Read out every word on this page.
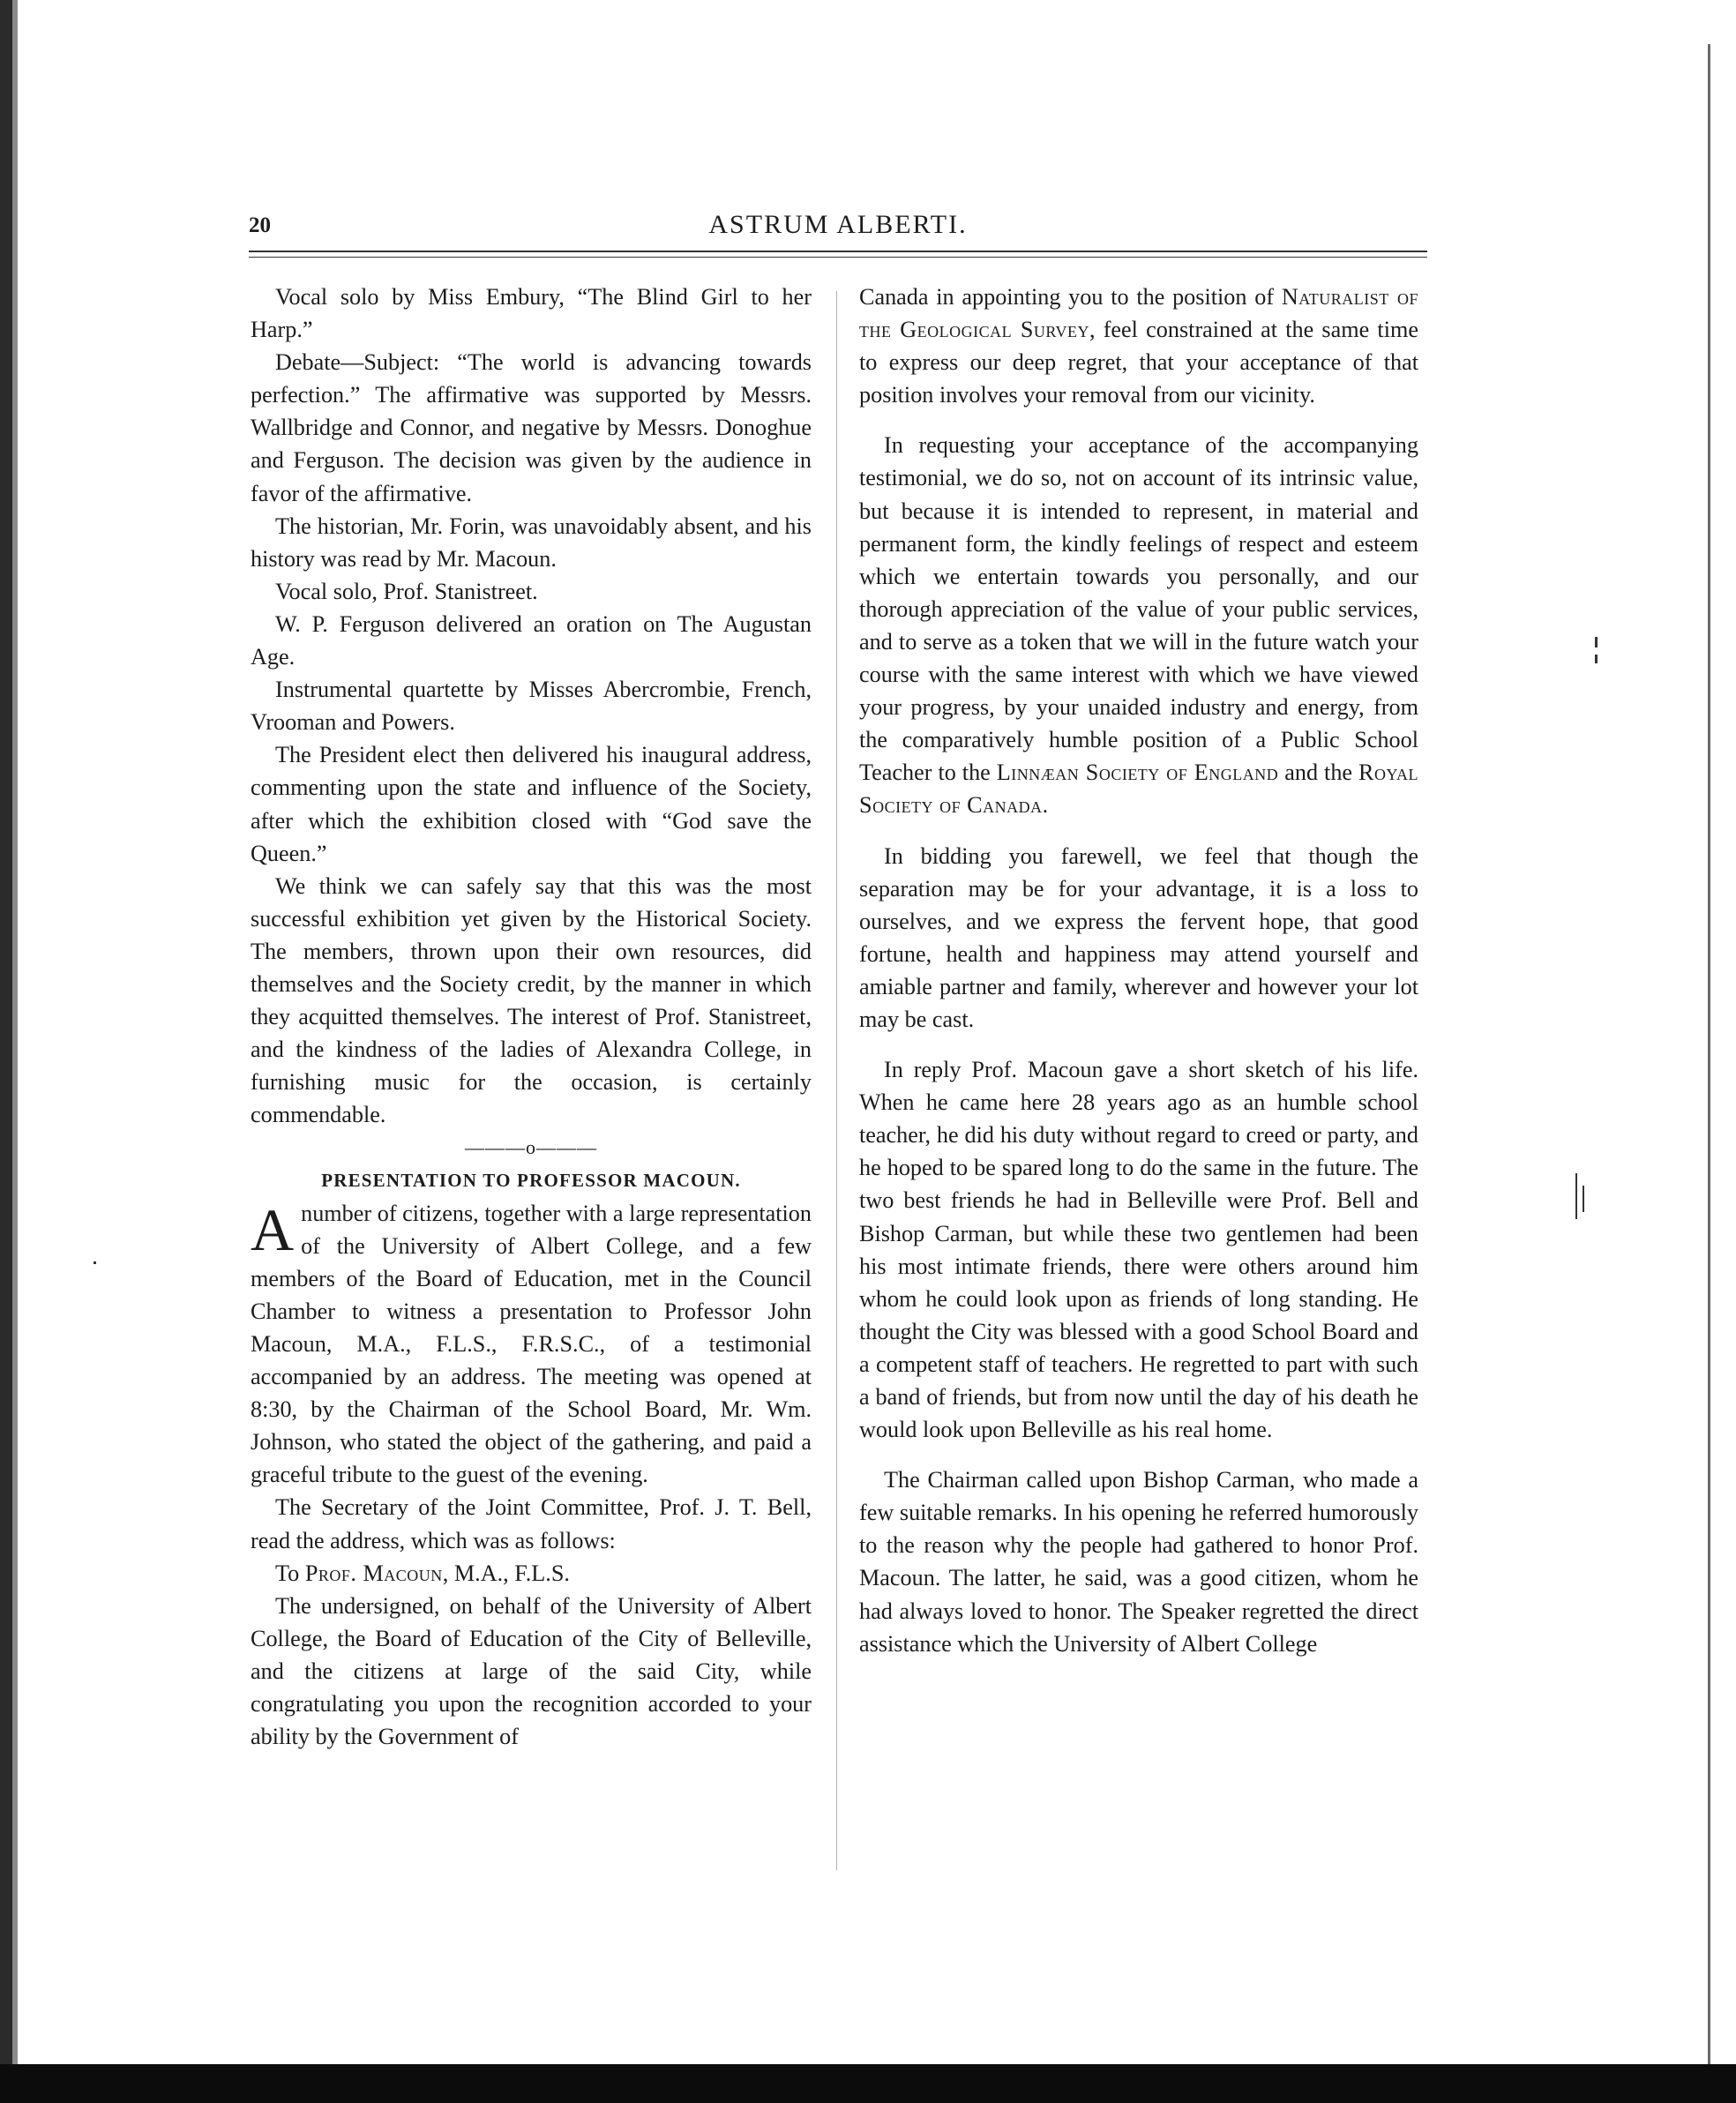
20	ASTRUM ALBERTI.

Vocal solo by Miss Embury, “The Blind Girl to her Harp.”

Debate—Subject: “The world is advancing towards perfection.” The affirmative was supported by Messrs. Wallbridge and Connor, and negative by Messrs. Donoghue and Ferguson. The decision was given by the audience in favor of the affirmative.

The historian, Mr. Forin, was unavoidably absent, and his history was read by Mr. Macoun.

Vocal solo, Prof. Stanistreet.

W. P. Ferguson delivered an oration on The Augustan Age.

Instrumental quartette by Misses Abercrombie, French, Vrooman and Powers.

The President elect then delivered his inaugural address, commenting upon the state and influence of the Society, after which the exhibition closed with “God save the Queen.”

We think we can safely say that this was the most successful exhibition yet given by the Historical Society. The members, thrown upon their own resources, did themselves and the Society credit, by the manner in which they acquitted themselves. The interest of Prof. Stanistreet, and the kindness of the ladies of Alexandra College, in furnishing music for the occasion, is certainly commendable.

———o———
PRESENTATION TO PROFESSOR MACOUN.

Anumber of citizens, together with a large representation of the University of Albert College, and a few members of the Board of Education, met in the Council Chamber to witness a presentation to Professor John Macoun, M.A., F.L.S., F.R.S.C., of a testimonial accompanied by an address. The meeting was opened at 8:30, by the Chairman of the School Board, Mr. Wm. Johnson, who stated the object of the gathering, and paid a graceful tribute to the guest of the evening.

The Secretary of the Joint Committee, Prof. J. T. Bell, read the address, which was as follows:

To Prof. Macoun, M.A., F.L.S.

The undersigned, on behalf of the University of Albert College, the Board of Education of the City of Belleville, and the citizens at large of the said City, while congratulating you upon the recognition accorded to your ability by the Government of

Canada in appointing you to the position of Naturalist of the Geological Survey, feel constrained at the same time to express our deep regret, that your acceptance of that position involves your removal from our vicinity.

In requesting your acceptance of the accompanying testimonial, we do so, not on account of its intrinsic value, but because it is intended to represent, in material and permanent form, the kindly feelings of respect and esteem which we entertain towards you personally, and our thorough appreciation of the value of your public services, and to serve as a token that we will in the future watch your course with the same interest with which we have viewed your progress, by your unaided industry and energy, from the comparatively humble position of a Public School Teacher to the Linnæan Society of England and the Royal Society of Canada.

In bidding you farewell, we feel that though the separation may be for your advantage, it is a loss to ourselves, and we express the fervent hope, that good fortune, health and happiness may attend yourself and amiable partner and family, wherever and however your lot may be cast.

In reply Prof. Macoun gave a short sketch of his life. When he came here 28 years ago as an humble school teacher, he did his duty without regard to creed or party, and he hoped to be spared long to do the same in the future. The two best friends he had in Belleville were Prof. Bell and Bishop Carman, but while these two gentlemen had been his most intimate friends, there were others around him whom he could look upon as friends of long standing. He thought the City was blessed with a good School Board and a competent staff of teachers. He regretted to part with such a band of friends, but from now until the day of his death he would look upon Belleville as his real home.

The Chairman called upon Bishop Carman, who made a few suitable remarks. In his opening he referred humorously to the reason why the people had gathered to honor Prof. Macoun. The latter, he said, was a good citizen, whom he had always loved to honor. The Speaker regretted the direct assistance which the University of Albert College
